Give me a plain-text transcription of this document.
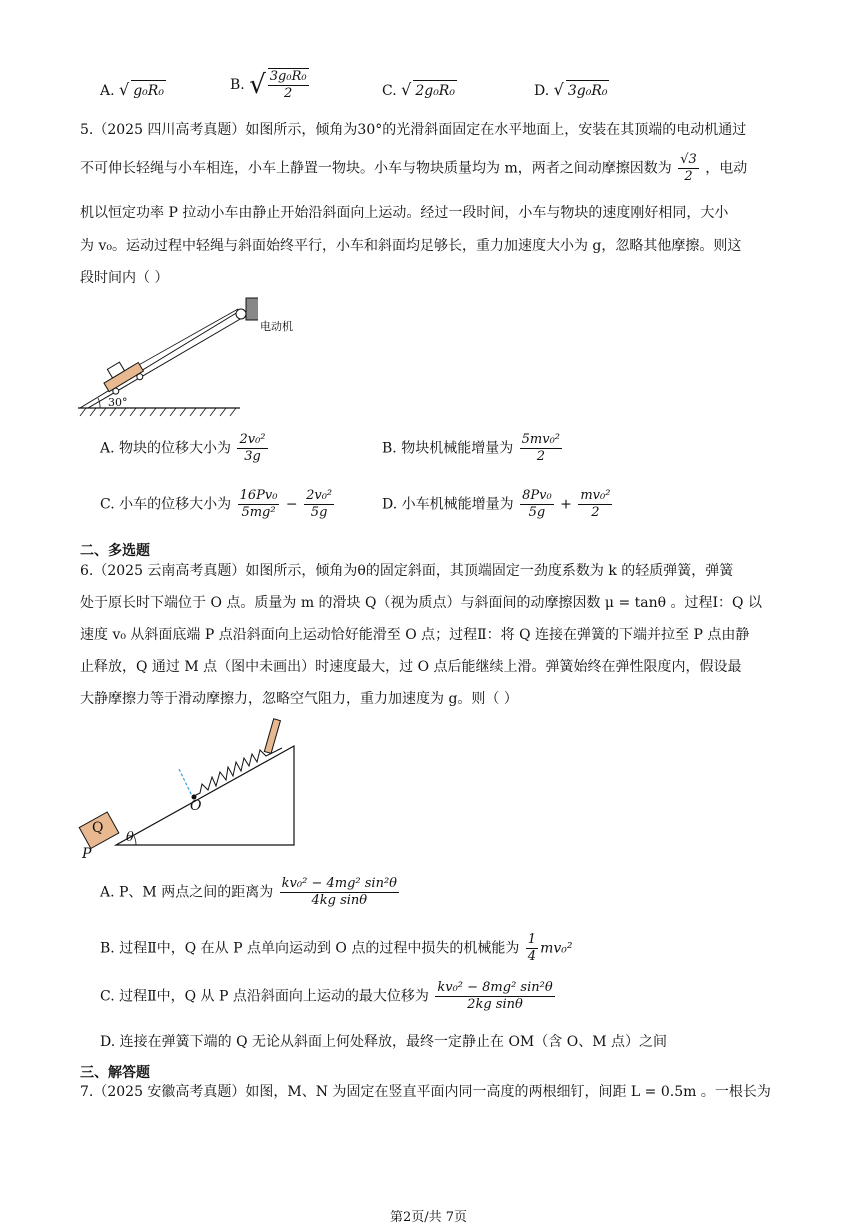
A. √ g₀R₀	B. √ $\frac{\text{3g₀R₀}}{2}$	C. √ 2g₀R₀	D. √ 3g₀R₀
5.（2025 四川高考真题）如图所示，倾角为30°的光滑斜面固定在水平地面上，安装在其顶端的电动机通过
不可伸长轻绳与小车相连，小车上静置一物块。小车与物块质量均为 m，两者之间动摩擦因数为 $\frac{√3}{2}$ ，电动
机以恒定功率 P 拉动小车由静止开始沿斜面向上运动。经过一段时间，小车与物块的速度刚好相同，大小
为 v₀。运动过程中轻绳与斜面始终平行，小车和斜面均足够长，重力加速度大小为 g，忽略其他摩擦。则这
段时间内（ ）
电动机
30°
A. 物块的位移大小为 $\frac{\text{2v₀²}}{3g}$	B. 物块机械能增量为 $\frac{\text{5mv₀²}}{2}$
C. 小车的位移大小为 $\frac{\text{16Pv₀}}{\text{5mg²}} - \frac{\text{2v₀²}}{5g}$	D. 小车机械能增量为 $\frac{\text{8Pv₀}}{5g} + \frac{\text{mv₀²}}{2}$
二、多选题
6.（2025 云南高考真题）如图所示，倾角为θ的固定斜面，其顶端固定一劲度系数为 k 的轻质弹簧，弹簧
处于原长时下端位于 O 点。质量为 m 的滑块 Q（视为质点）与斜面间的动摩擦因数 μ = tanθ 。过程Ⅰ：Q 以
速度 v₀ 从斜面底端 P 点沿斜面向上运动恰好能滑至 O 点；过程Ⅱ：将 Q 连接在弹簧的下端并拉至 P 点由静
止释放，Q 通过 M 点（图中未画出）时速度最大，过 O 点后能继续上滑。弹簧始终在弹性限度内，假设最
大静摩擦力等于滑动摩擦力，忽略空气阻力，重力加速度为 g。则（ ）
Q
O
P
θ
A. P、M 两点之间的距离为 $\frac{\text{kv₀² − 4mg² sin²θ}}{\text{4kg sinθ}}$
B. 过程Ⅱ中，Q 在从 P 点单向运动到 O 点的过程中损失的机械能为 $\frac{1}{4} mv_0^2$
C. 过程Ⅱ中，Q 从 P 点沿斜面向上运动的最大位移为 $\frac{\text{kv₀² − 8mg² sin²θ}}{\text{2kg sinθ}}$
D. 连接在弹簧下端的 Q 无论从斜面上何处释放，最终一定静止在 OM（含 O、M 点）之间
三、解答题
7.（2025 安徽高考真题）如图，M、N 为固定在竖直平面内同一高度的两根细钉，间距 L = 0.5m 。一根长为
第2页/共 7页
